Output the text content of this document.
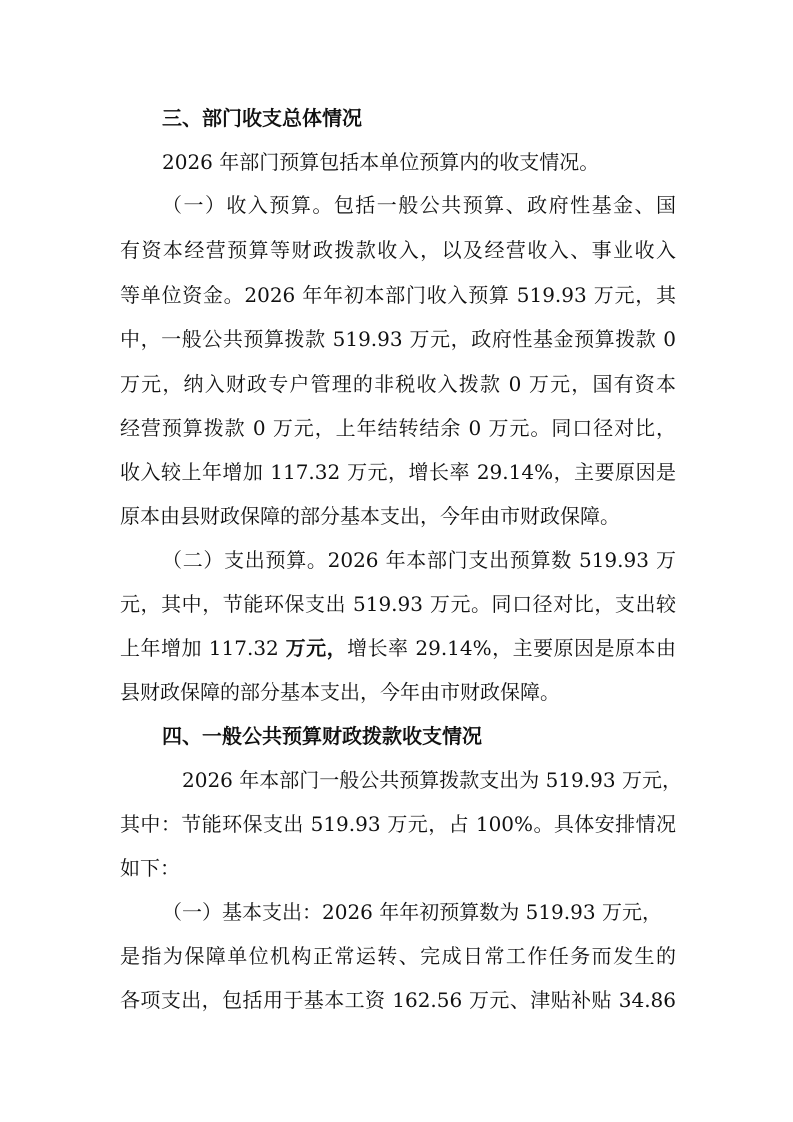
三、部门收支总体情况
2026 年部门预算包括本单位预算内的收支情况。
（一）收入预算。包括一般公共预算、政府性基金、国
有资本经营预算等财政拨款收入，以及经营收入、事业收入
等单位资金。2026 年年初本部门收入预算 519.93 万元，其
中，一般公共预算拨款 519.93 万元，政府性基金预算拨款 0
万元，纳入财政专户管理的非税收入拨款 0 万元，国有资本
经营预算拨款 0 万元，上年结转结余 0 万元。同口径对比，
收入较上年增加 117.32 万元，增长率 29.14%，主要原因是
原本由县财政保障的部分基本支出，今年由市财政保障。
（二）支出预算。2026 年本部门支出预算数 519.93 万
元，其中，节能环保支出 519.93 万元。同口径对比，支出较
上年增加 117.32 万元，增长率 29.14%，主要原因是原本由
县财政保障的部分基本支出，今年由市财政保障。
四、一般公共预算财政拨款收支情况
2026 年本部门一般公共预算拨款支出为 519.93 万元，
其中：节能环保支出 519.93 万元，占 100%。具体安排情况
如下：
（一）基本支出：2026 年年初预算数为 519.93 万元，
是指为保障单位机构正常运转、完成日常工作任务而发生的
各项支出，包括用于基本工资 162.56 万元、津贴补贴 34.86
